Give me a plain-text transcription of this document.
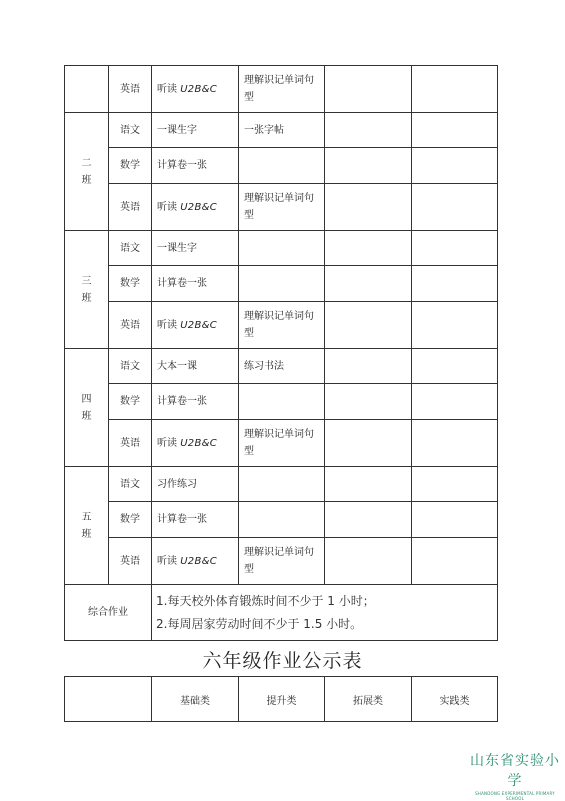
	英语	听读 U2B&C	理解识记单词句型		
二班	语文	一课生字	一张字帖		
	数学	计算卷一张			
	英语	听读 U2B&C	理解识记单词句型		
三班	语文	一课生字			
	数学	计算卷一张			
	英语	听读 U2B&C	理解识记单词句型		
四班	语文	大本一课	练习书法		
	数学	计算卷一张			
	英语	听读 U2B&C	理解识记单词句型		
五班	语文	习作练习			
	数学	计算卷一张			
	英语	听读 U2B&C	理解识记单词句型		
综合作业		1.每天校外体育锻炼时间不少于 1 小时；
2.每周居家劳动时间不少于 1.5 小时。			
六年级作业公示表
	基础类	提升类	拓展类	实践类
山东省实验小学
SHANDONG EXPERIMENTAL PRIMARY SCHOOL
